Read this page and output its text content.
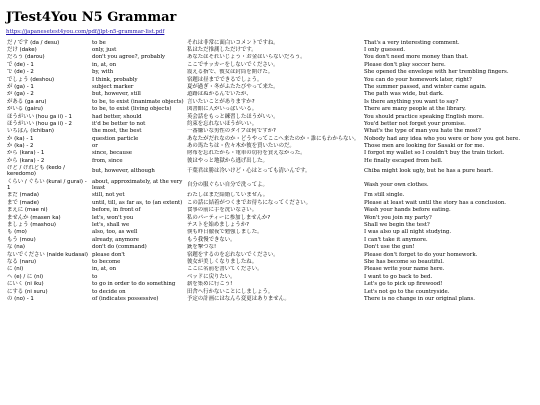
JTest4You N5 Grammar
https://japanesetest4you.com/pdf/jlpt-n5-grammar-list.pdf
だ / です (da / desu)	to be	それは非常に面白いコメントですね。	That's a very interesting comment.
だけ (dake)	only, just	私はただ推測しただけです。	I only guessed.
だろう (darou)	don't you agree?, probably	あなたはそれいじょう・お金はいらないだろう。	You don't need more money than that.
で (de) - 1	in, at, on	ここでサッカーをしないでください。	Please don't play soccer here.
で (de) - 2	by, with	震える指で、彼女は封筒を開けた。	She opened the envelope with her trembling fingers.
でしょう (deshou)	I think, probably	宿題は昼までできるでしょう。	You can do your homework later, right?
が (ga) - 1	subject marker	夏が過ぎ・冬がふたたびやって来た。	The summer passed, and winter came again.
が (ga) - 2	but, however, still	道路はぬかるんでいたが、	The path was wide, but dark.
がある (ga aru)	to be, to exist (inanimate objects)	言いたいことがありますか?	Is there anything you want to say?
がいる (gairu)	to be, to exist (living objects)	図書館に人がいっぱいいる。	There are many people at the library.
ほうがいい (hou ga ii) - 1	had better, should	英会話をもっと練習したほうがいい。	You should practice speaking English more.
ほうがいい (hou ga ii) - 2	it'd be better to not	約束を忘れないほうがいい。	You'd better not forget your promise.
いちばん (ichiban)	the most, the best	一番嫌いな男性のタイプは何ですか?	What's the type of man you hate the most?
か (ka) - 1	question particle	あなたがだれなのか・どうやってここへ来たのか・誰にもわからない。	Nobody had any idea who you were or how you got here.
か (ka) - 2	or	あの馬たちは・佐々木か彼を買いたいのだ。	Those men are looking for Sasaki or for me.
から (kara) - 1	since, because	財布を忘れたから・電車の切符を買えなかった。	I forgot my wallet so I couldn't buy the train ticket.
から (kara) - 2	from, since	彼はやっと地獄から逃げ出した。	He finally escaped from hell.
けど / けれども (kedo / keredomo)	but, however, although	千葉君は勝は冷いけど・心はとっても清いんです。	Chiba might look ugly, but he has a pure heart.
くらい / ぐらい (kurai / gurai) - 1	about, approximately, at the very least	自分の服ぐらい自分で洗ってよ。	Wash your own clothes.
まだ (mada)	still, not yet	わたしはまだ結婚していません。	I'm still single.
まで (made)	until, till, as far as, to (an extent)	この話に結着がつくまでお待ちになってください。	Please at least wait until the story has a conclusion.
まえに (mae ni)	before, in front of	食事の前に手を洗いなさい。	Wash your hands before eating.
ませんか (masen ka)	let's, won't you	私のパーティーに参加しませんか?	Won't you join my party?
ましょう (mashou)	let's, shall we	テストを始めましょうか?	Shall we begin the test?
も (mo)	also, too, as well	僕も昨日徹夜で勉強しました。	I was also up all night studying.
もう (mou)	already, anymore	もう我慢できない。	I can't take it anymore.
な (na)	don't do (command)	銃を撃つな!	Don't use the gun!
ないでください (naide kudasai)	please don't	宿題をするのを忘れないでください。	Please don't forget to do your homework.
なる (naru)	to become	彼女が美しくなりましたね。	She has become so beautiful.
に (ni)	in, at, on	ここに名前を書いてください。	Please write your name here.
へ (e) / に (ni)	to	ベッドに戻りたい。	I want to go back to bed.
にいく (ni iku)	to go in order to do something	薪を集めに行こう!	Let's go to pick up firewood!
にする (ni suru)	to decide on	田舎へ行かないことにしましょう。	Let's not go to the countryside.
の (no) - 1	of (indicates possessive)	予定の計画にはなんら変更はありません。	There is no change in our original plans.
